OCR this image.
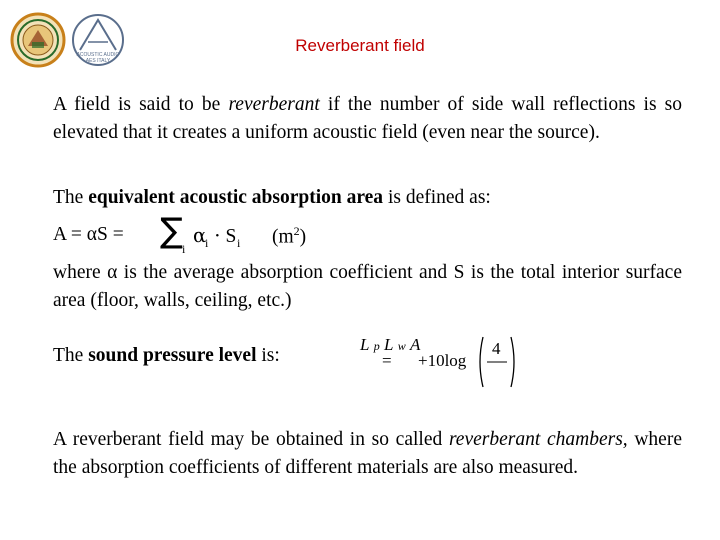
ACOUSTIC AUDIO
AES ITALY
Reverberant field
A field is said to be reverberant if the number of side wall reflections is so elevated that it creates a uniform acoustic field (even near the source).
The equivalent acoustic absorption area is defined as:
A = αS = ∑ i
α
i ⋅ S i $(m^2)$
where α is the average absorption coefficient and S is the total interior surface area (floor, walls, ceiling, etc.)
The sound pressure level is:
L p
=
L w
+10log
4
A
A reverberant field may be obtained in so called reverberant chambers, where the absorption coefficients of different materials are also measured.
